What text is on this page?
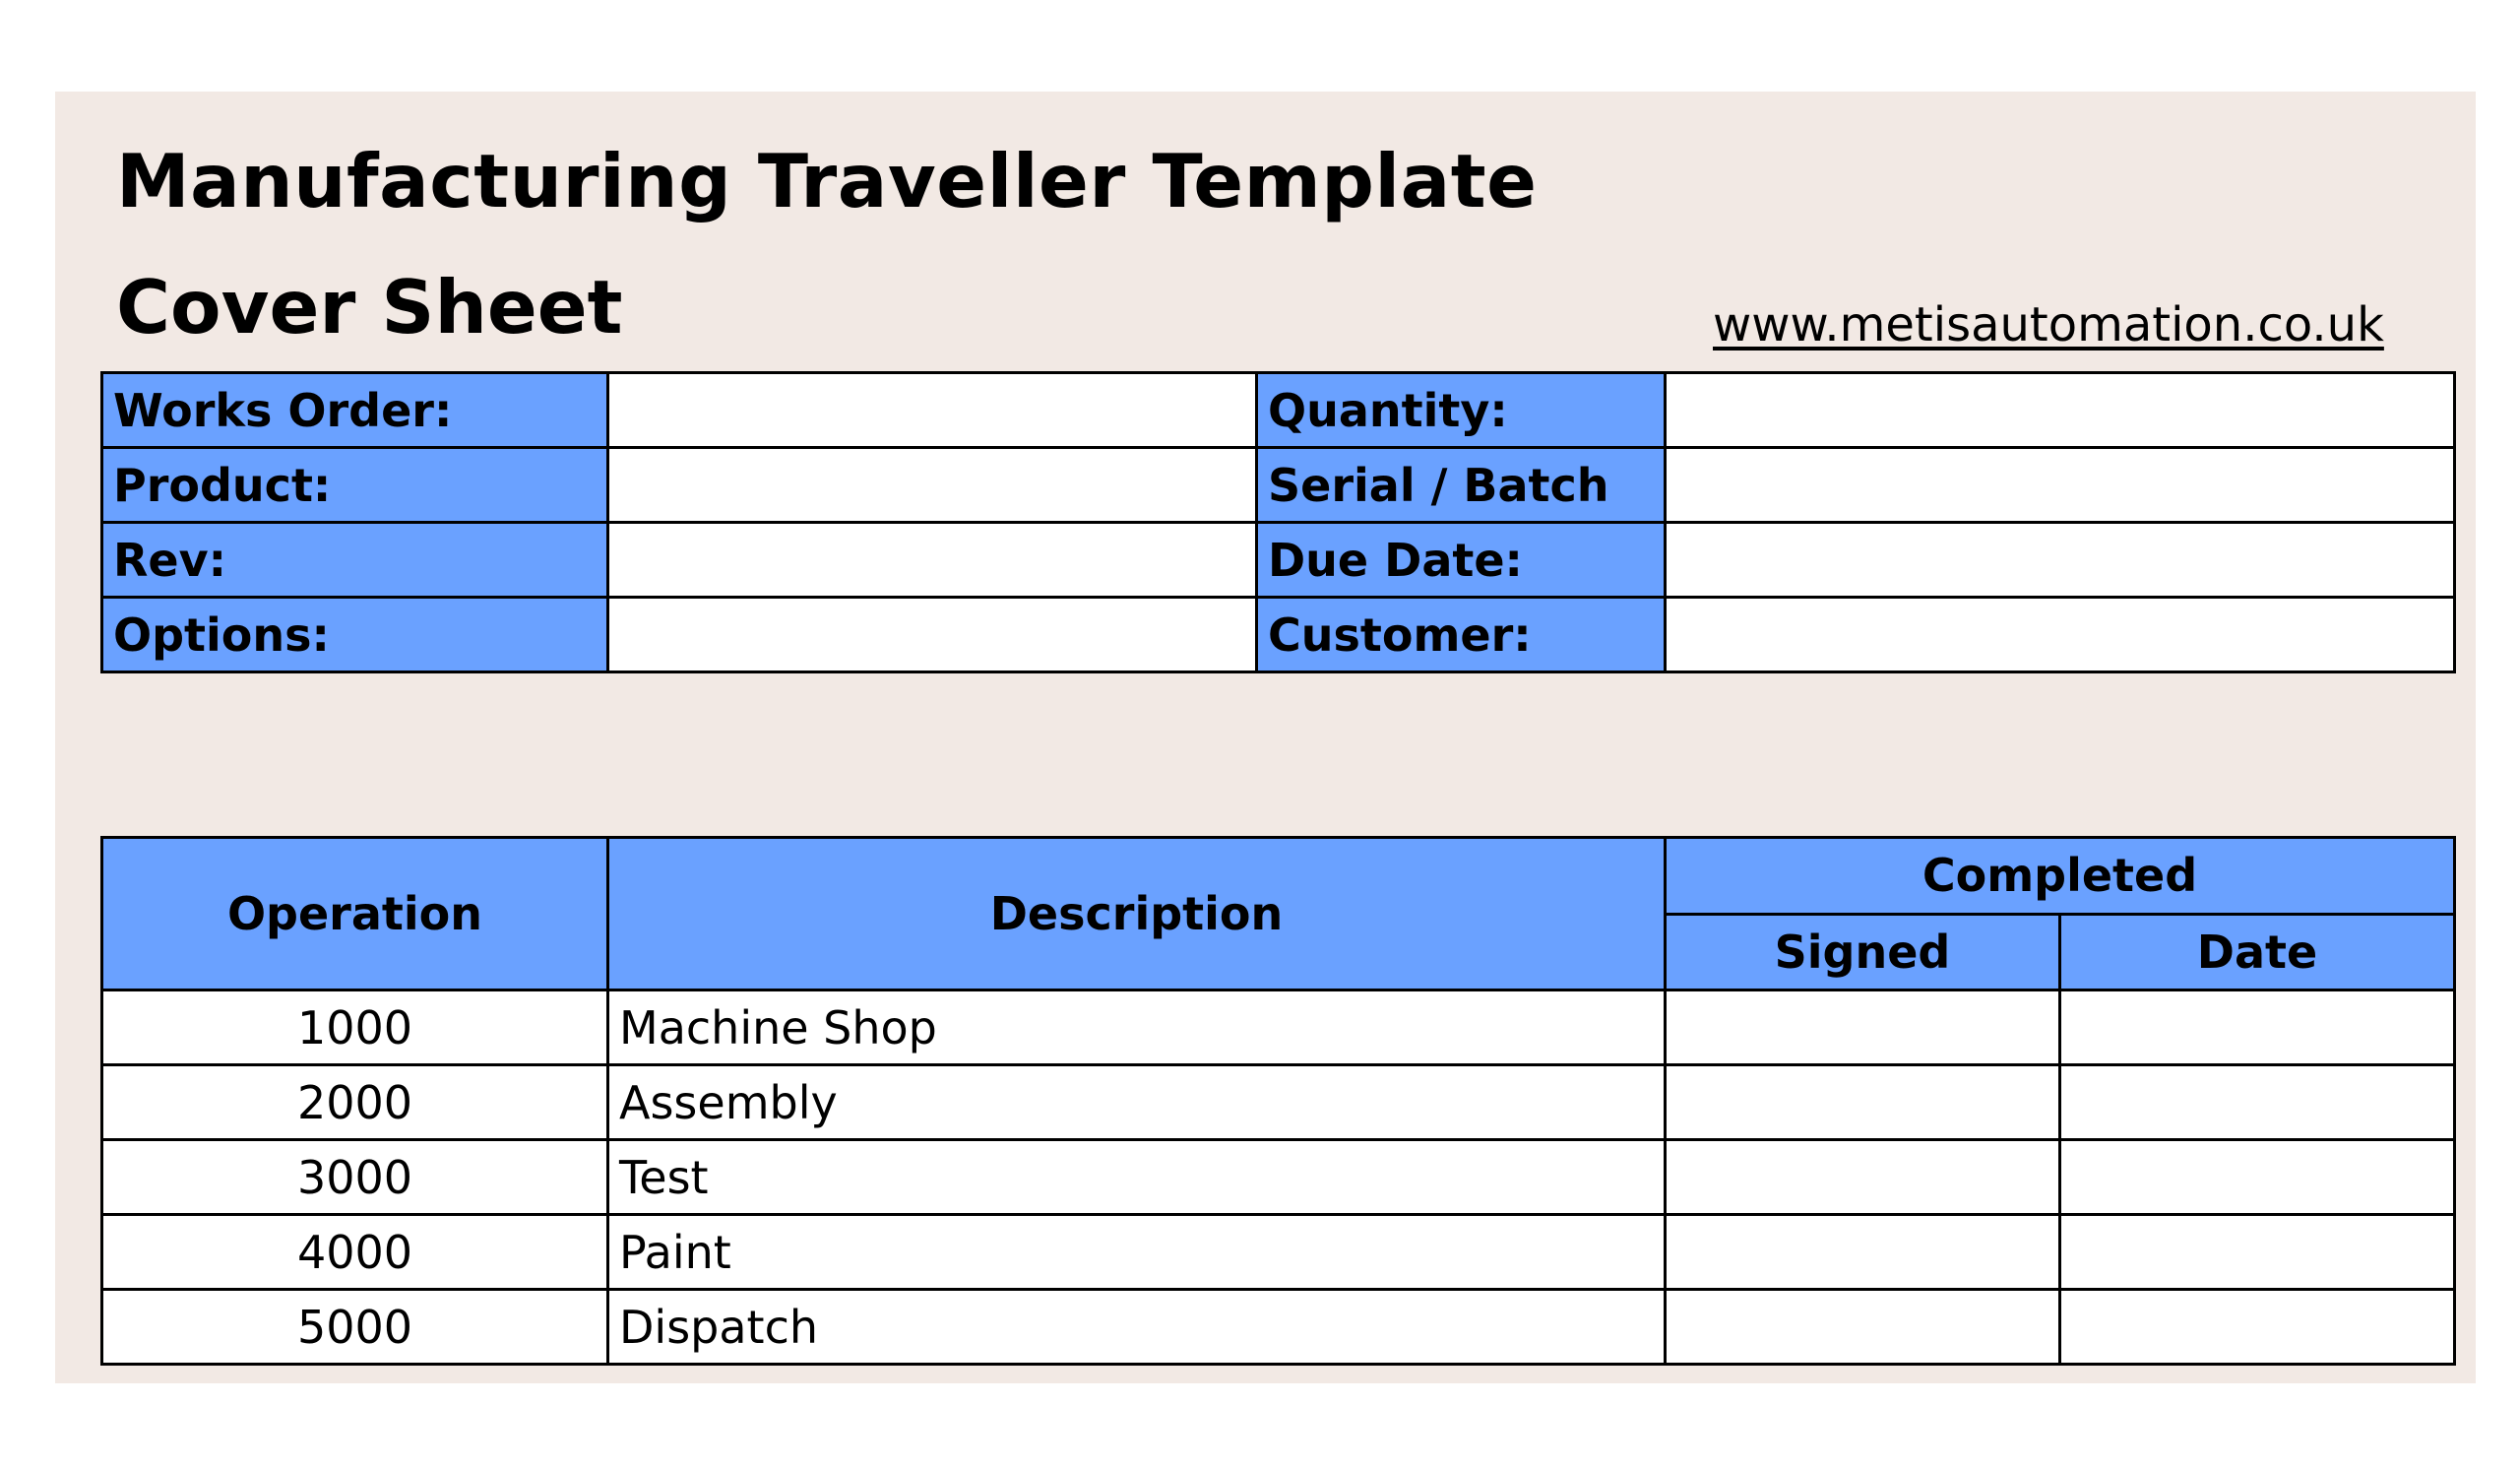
Manufacturing Traveller Template
Cover Sheet	www.metisautomation.co.uk
Works Order:		Quantity:	
Product:		Serial / Batch	
Rev:		Due Date:	
Options:		Customer:	
Operation	Description	Completed	
		Signed	Date
1000	Machine Shop		
2000	Assembly		
3000	Test		
4000	Paint		
5000	Dispatch		
